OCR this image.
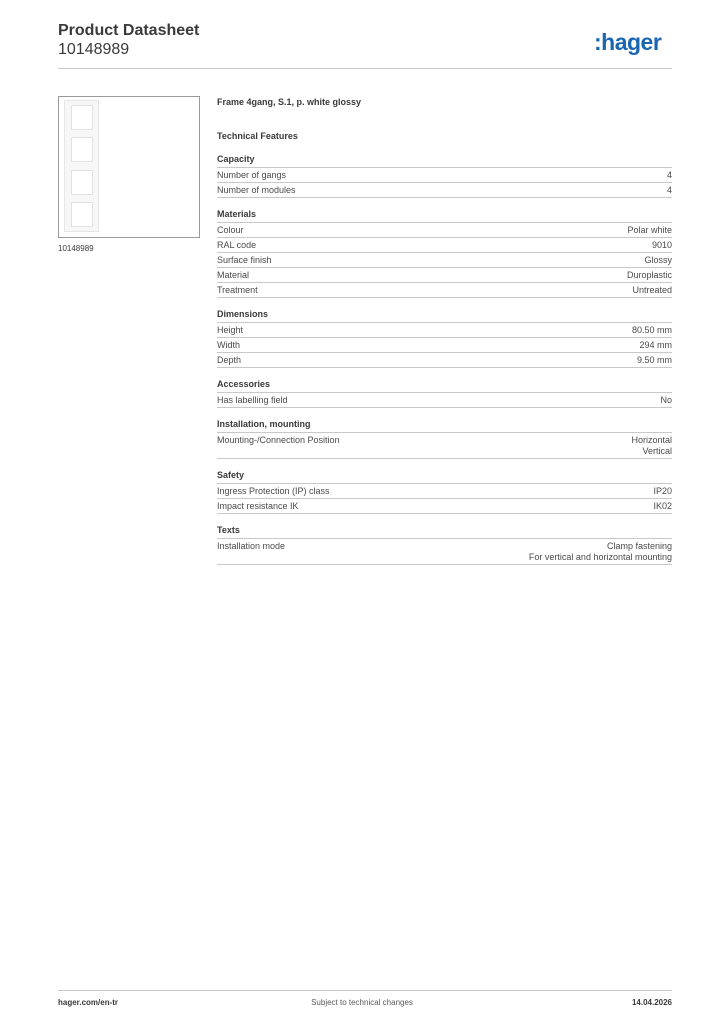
Product Datasheet
10148989	:hager
10148989
Frame 4gang, S.1, p. white glossy
Technical Features
Capacity
Number of gangs	4
Number of modules	4
Materials
Colour	Polar white
RAL code	9010
Surface finish	Glossy
Material	Duroplastic
Treatment	Untreated
Dimensions
Height	80.50 mm
Width	294 mm
Depth	9.50 mm
Accessories
Has labelling field	No
Installation, mounting
Mounting-/Connection Position	Horizontal
Vertical
Safety
Ingress Protection (IP) class	IP20
Impact resistance IK	IK02
Texts
Installation mode	Clamp fastening
For vertical and horizontal mounting
hager.com/en-tr	Subject to technical changes	14.04.2026
